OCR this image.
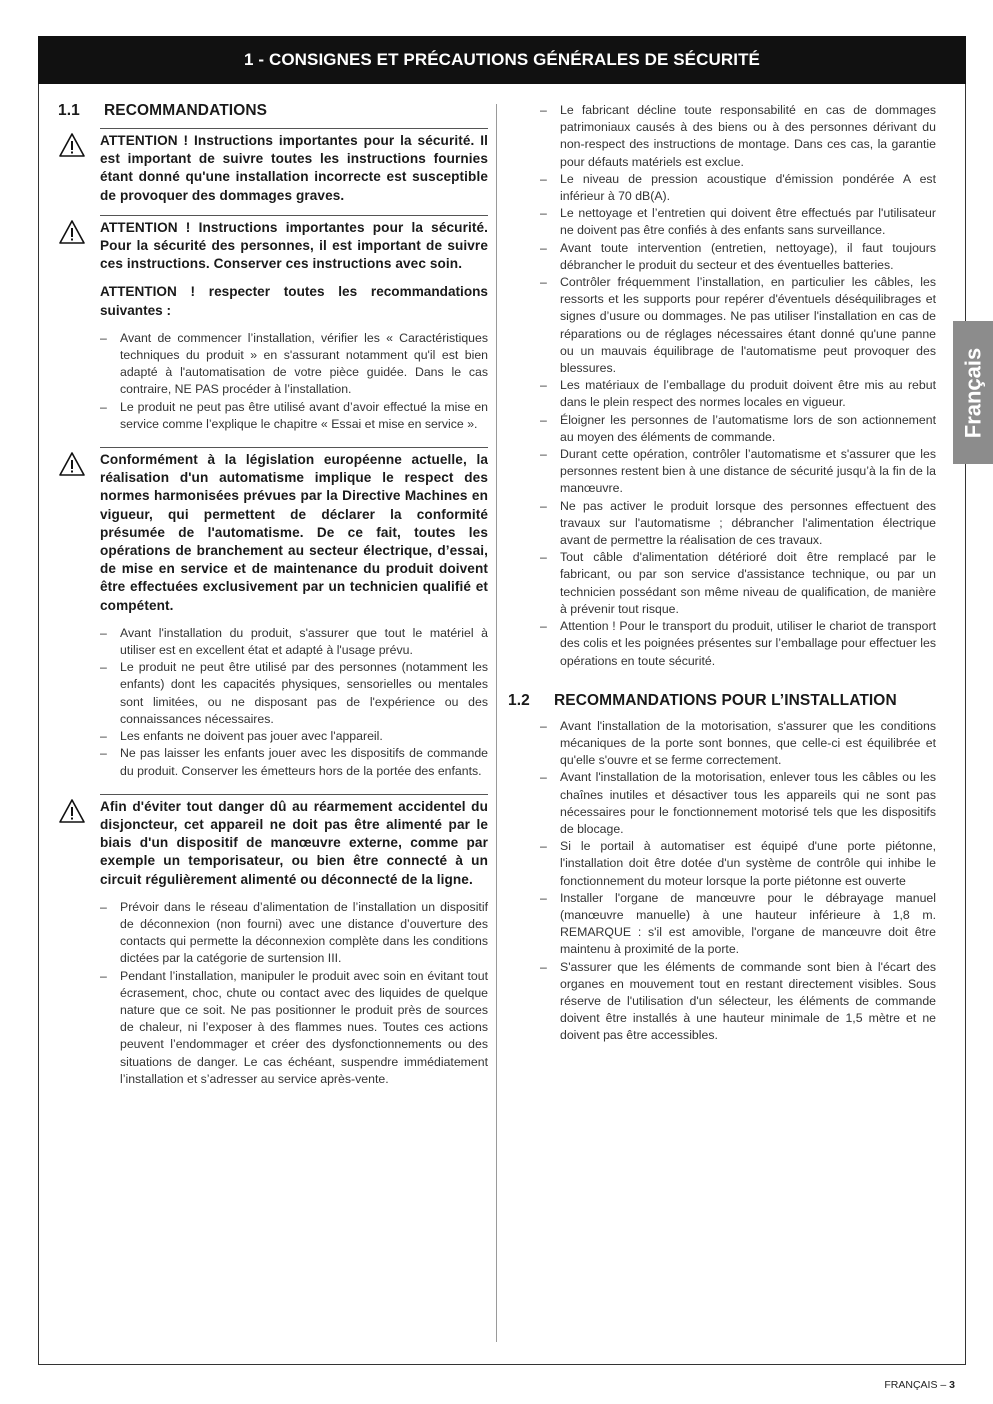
1 - CONSIGNES ET PRÉCAUTIONS GÉNÉRALES DE SÉCURITÉ
1.1	RECOMMANDATIONS

ATTENTION ! Instructions importantes pour la sécurité. Il est important de suivre toutes les instructions fournies étant donné qu'une installation incorrecte est susceptible de provoquer des dommages graves.

ATTENTION ! Instructions importantes pour la sécurité. Pour la sécurité des personnes, il est important de suivre ces instructions. Conserver ces instructions avec soin.

ATTENTION ! respecter toutes les recommandations suivantes :

– Avant de commencer l’installation, vérifier les « Caractéristiques techniques du produit » en s'assurant notamment qu'il est bien adapté à l'automatisation de votre pièce guidée. Dans le cas contraire, NE PAS procéder à l’installation.
– Le produit ne peut pas être utilisé avant d’avoir effectué la mise en service comme l’explique le chapitre « Essai et mise en service ».

Conformément à la législation européenne actuelle, la réalisation d'un automatisme implique le respect des normes harmonisées prévues par la Directive Machines en vigueur, qui permettent de déclarer la conformité présumée de l'automatisme. De ce fait, toutes les opérations de branchement au secteur électrique, d’essai, de mise en service et de maintenance du produit doivent être effectuées exclusivement par un technicien qualifié et compétent.

– Avant l'installation du produit, s'assurer que tout le matériel à utiliser est en excellent état et adapté à l'usage prévu.
– Le produit ne peut être utilisé par des personnes (notamment les enfants) dont les capacités physiques, sensorielles ou mentales sont limitées, ou ne disposant pas de l'expérience ou des connaissances nécessaires.
– Les enfants ne doivent pas jouer avec l'appareil.
– Ne pas laisser les enfants jouer avec les dispositifs de commande du produit. Conserver les émetteurs hors de la portée des enfants.

Afin d'éviter tout danger dû au réarmement accidentel du disjoncteur, cet appareil ne doit pas être alimenté par le biais d'un dispositif de manœuvre externe, comme par exemple un temporisateur, ou bien être connecté à un circuit régulièrement alimenté ou déconnecté de la ligne.

– Prévoir dans le réseau d’alimentation de l’installation un dispositif de déconnexion (non fourni) avec une distance d’ouverture des contacts qui permette la déconnexion complète dans les conditions dictées par la catégorie de surtension III.
– Pendant l’installation, manipuler le produit avec soin en évitant tout écrasement, choc, chute ou contact avec des liquides de quelque nature que ce soit. Ne pas positionner le produit près de sources de chaleur, ni l’exposer à des flammes nues. Toutes ces actions peuvent l’endommager et créer des dysfonctionnements ou des situations de danger. Le cas échéant, suspendre immédiatement l’installation et s’adresser au service après-vente.
– Le fabricant décline toute responsabilité en cas de dommages patrimoniaux causés à des biens ou à des personnes dérivant du non-respect des instructions de montage. Dans ces cas, la garantie pour défauts matériels est exclue.
– Le niveau de pression acoustique d'émission pondérée A est inférieur à 70 dB(A).
– Le nettoyage et l’entretien qui doivent être effectués par l'utilisateur ne doivent pas être confiés à des enfants sans surveillance.
– Avant toute intervention (entretien, nettoyage), il faut toujours débrancher le produit du secteur et des éventuelles batteries.
– Contrôler fréquemment l’installation, en particulier les câbles, les ressorts et les supports pour repérer d'éventuels déséquilibrages et signes d’usure ou dommages. Ne pas utiliser l'installation en cas de réparations ou de réglages nécessaires étant donné qu'une panne ou un mauvais équilibrage de l'automatisme peut provoquer des blessures.
– Les matériaux de l’emballage du produit doivent être mis au rebut dans le plein respect des normes locales en vigueur.
– Éloigner les personnes de l’automatisme lors de son actionnement au moyen des éléments de commande.
– Durant cette opération, contrôler l’automatisme et s'assurer que les personnes restent bien à une distance de sécurité jusqu’à la fin de la manœuvre.
– Ne pas activer le produit lorsque des personnes effectuent des travaux sur l'automatisme ; débrancher l'alimentation électrique avant de permettre la réalisation de ces travaux.
– Tout câble d'alimentation détérioré doit être remplacé par le fabricant, ou par son service d'assistance technique, ou par un technicien possédant son même niveau de qualification, de manière à prévenir tout risque.
– Attention ! Pour le transport du produit, utiliser le chariot de transport des colis et les poignées présentes sur l’emballage pour effectuer les opérations en toute sécurité.
1.2	RECOMMANDATIONS POUR L’INSTALLATION
– Avant l'installation de la motorisation, s'assurer que les conditions mécaniques de la porte sont bonnes, que celle-ci est équilibrée et qu'elle s'ouvre et se ferme correctement.
– Avant l'installation de la motorisation, enlever tous les câbles ou les chaînes inutiles et désactiver tous les appareils qui ne sont pas nécessaires pour le fonctionnement motorisé tels que les dispositifs de blocage.
– Si le portail à automatiser est équipé d'une porte piétonne, l'installation doit être dotée d'un système de contrôle qui inhibe le fonctionnement du moteur lorsque la porte piétonne est ouverte
– Installer l'organe de manœuvre pour le débrayage manuel (manœuvre manuelle) à une hauteur inférieure à 1,8 m. REMARQUE : s'il est amovible, l'organe de manœuvre doit être maintenu à proximité de la porte.
– S'assurer que les éléments de commande sont bien à l'écart des organes en mouvement tout en restant directement visibles. Sous réserve de l'utilisation d'un sélecteur, les éléments de commande doivent être installés à une hauteur minimale de 1,5 mètre et ne doivent pas être accessibles.
Français
FRANÇAIS – 3
